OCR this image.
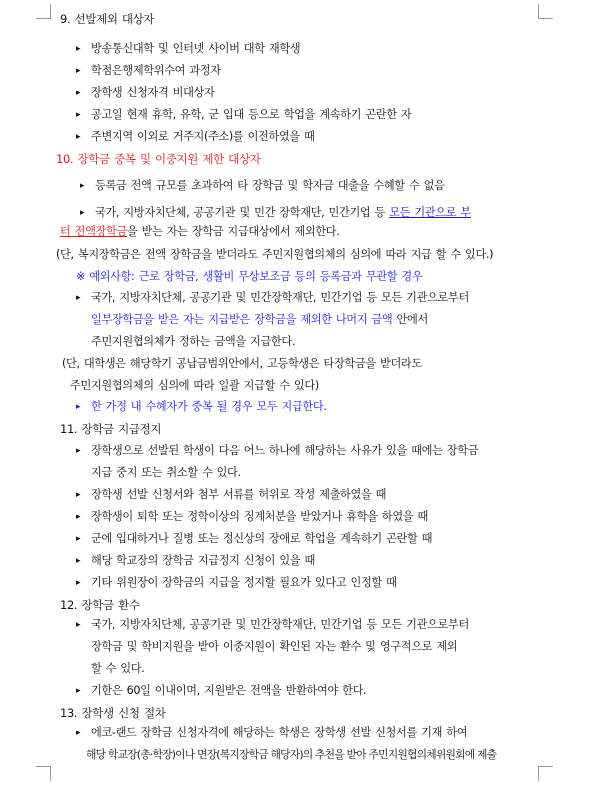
9. 선발제외 대상자
▸ 방송통신대학 및 인터넷 사이버 대학 재학생
▸ 학점은행제학위수여 과정자
▸ 장학생 신청자격 비대상자
▸ 공고일 현재 휴학, 유학, 군 입대 등으로 학업을 계속하기 곤란한 자
▸ 주변지역 이외로 거주지(주소)를 이전하였을 때
10. 장학금 중복 및 이중지원 제한 대상자
▸ 등록금 전액 규모를 초과하여 타 장학금 및 학자금 대출을 수혜할 수 없음
▸ 국가, 지방자치단체, 공공기관 및 민간 장학재단, 민간기업 등 모든 기관으로 부
터 전액장학금을 받는 자는 장학금 지급대상에서 제외한다.
(단, 복지장학금은 전액 장학금을 받더라도 주민지원협의체의 심의에 따라 지급 할 수 있다.)
※ 예외사항: 근로 장학금, 생활비 무상보조금 등의 등록금과 무관할 경우
▸ 국가, 지방자치단체, 공공기관 및 민간장학재단, 민간기업 등 모든 기관으로부터
일부장학금을 받은 자는 지급받은 장학금을 제외한 나머지 금액 안에서
주민지원협의체가 정하는 금액을 지급한다.
(단, 대학생은 해당학기 공납금범위안에서, 고등학생은 타장학금을 받더라도
주민지원협의체의 심의에 따라 일괄 지급할 수 있다)
▸ 한 가정 내 수혜자가 중복 될 경우 모두 지급한다.
11. 장학금 지급정지
▸ 장학생으로 선발된 학생이 다음 어느 하나에 해당하는 사유가 있을 때에는 장학금
지급 중지 또는 취소할 수 있다.
▸ 장학생 선발 신청서와 첨부 서류를 허위로 작성 제출하였을 때
▸ 장학생이 퇴학 또는 정학이상의 징계처분을 받았거나 휴학을 하였을 때
▸ 군에 입대하거나 질병 또는 정신상의 장애로 학업을 계속하기 곤란할 때
▸ 해당 학교장의 장학금 지급정지 신청이 있을 때
▸ 기타 위원장이 장학금의 지급을 정지할 필요가 있다고 인정할 때
12. 장학금 환수
▸ 국가, 지방자치단체, 공공기관 및 민간장학재단, 민간기업 등 모든 기관으로부터
장학금 및 학비지원을 받아 이중지원이 확인된 자는 환수 및 영구적으로 제외
할 수 있다.
▸ 기한은 60일 이내이며, 지원받은 전액을 반환하여야 한다.
13. 장학생 신청 절차
▸ 에코-랜드 장학금 신청자격에 해당하는 학생은 장학생 선발 신청서를 기재 하여
해당 학교장(총·학장)이나 면장(복지장학금 해당자)의 추천을 받아 주민지원협의체위원회에 제출
